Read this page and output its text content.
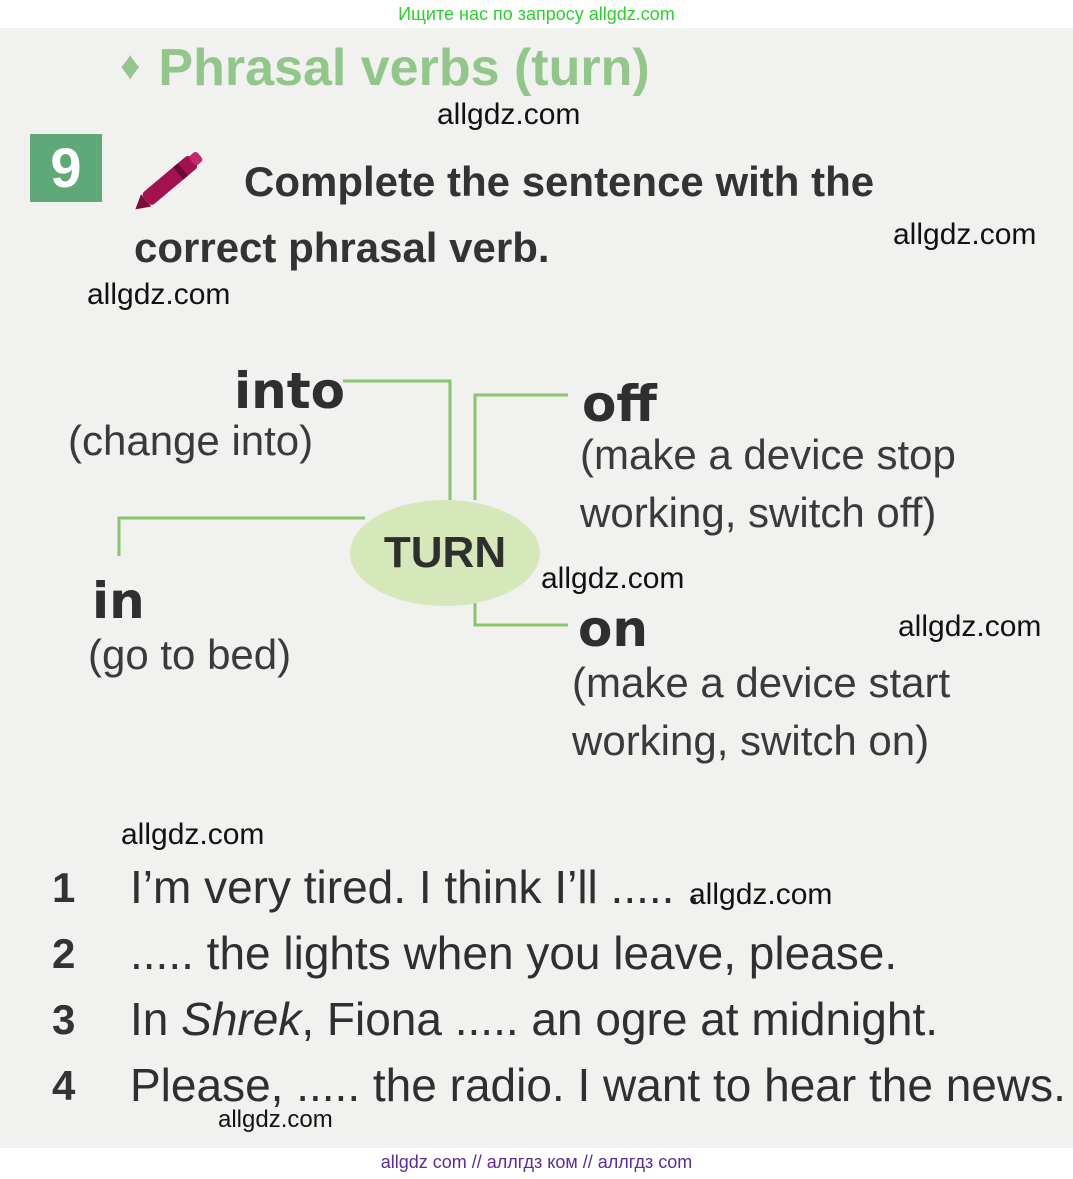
Ищите нас по запросу allgdz.com
♦ Phrasal verbs (turn)
9	Complete the sentence with the
correct phrasal verb.
TURN
into
(change into)
in
(go to bed)
off
(make a device stop working, switch off)
on
(make a device start working, switch on)
1 I’m very tired. I think I’ll ..... .
2 ..... the lights when you leave, please.
3 In Shrek, Fiona ..... an ogre at midnight.
4 Please, ..... the radio. I want to hear the news.
allgdz.com
allgdz.com
allgdz.com
allgdz.com
allgdz.com
allgdz.com
allgdz.com
allgdz.com
allgdz com // аллгдз ком // аллгдз com
